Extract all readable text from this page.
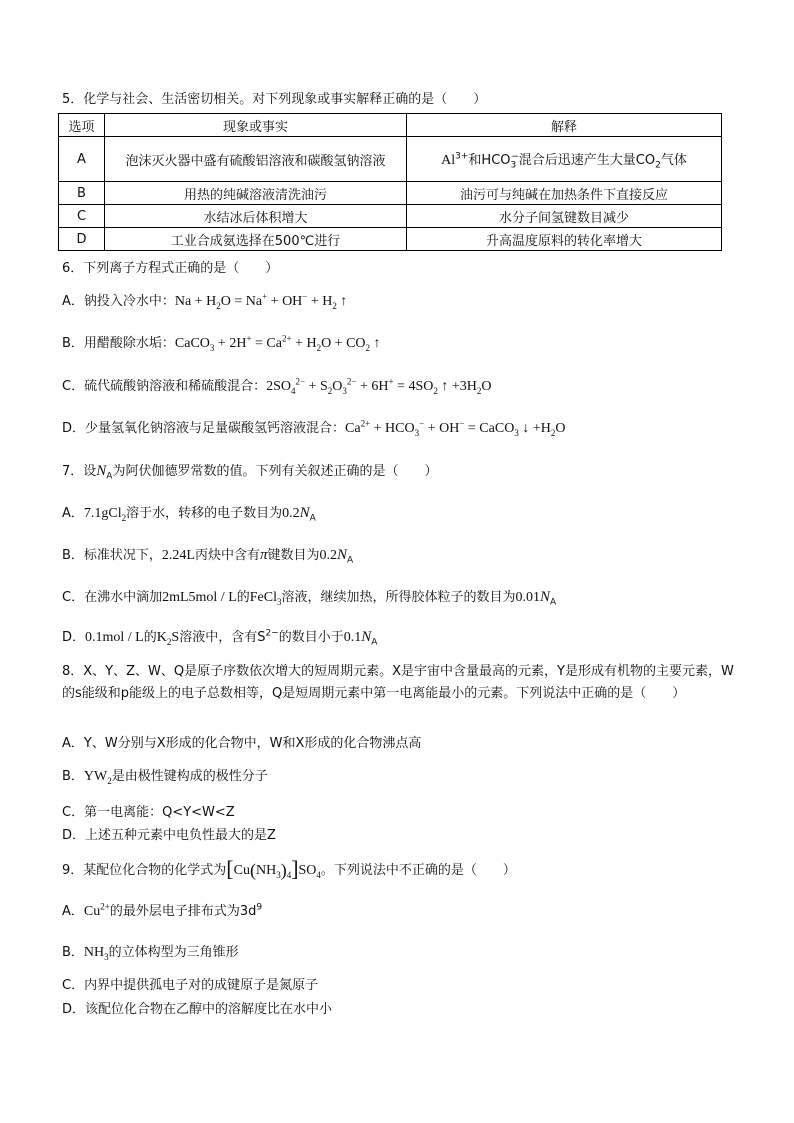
5．化学与社会、生活密切相关。对下列现象或事实解释正确的是（　　）
选项	现象或事实	解释
A	泡沫灭火器中盛有硫酸铝溶液和碳酸氢钠溶液	$Al^{3+}$和$HCO_3^-$混合后迅速产生大量$CO_2$气体
B	用热的纯碱溶液清洗油污	油污可与纯碱在加热条件下直接反应
C	水结冰后体积增大	水分子间氢键数目减少
D	工业合成氨选择在500℃进行	升高温度原料的转化率增大
6．下列离子方程式正确的是（　　）
A．钠投入冷水中：$Na + H_2O = Na^+ + OH^- + H_2$ ↑
B．用醋酸除水垢：CaCO$_3$ + $2H^+ = Ca^{2+} + H_2O + CO_2$ ↑
C．硫代硫酸钠溶液和稀硫酸混合：$2SO_4^{2-} + S_2O_3^{2-} + 6H^+ = 4SO_2$ ↑ $+3H_2O$
D．少量氢氧化钠溶液与足量碳酸氢钙溶液混合：$Ca^{2+} + HCO_3^- + OH^-$ = CaCO$_3$ ↓ $+H_2O$
7．设$N_A$为阿伏伽德罗常数的值。下列有关叙述正确的是（　　）
A．7.1gCl$_2$溶于水，转移的电子数目为$0.2N_A$
B．标准状况下，2.24L丙炔中含有π键数目为$0.2N_A$
C．在沸水中滴加2mL5mol / L的FeCl$_3$溶液，继续加热，所得胶体粒子的数目为$0.01N_A$
D．0.1mol / L的$K_2S$溶液中，含有$S^{2-}$的数目小于$0.1N_A$
8．X、Y、Z、W、Q是原子序数依次增大的短周期元素。X是宇宙中含量最高的元素，Y是形成有机物的主要元素，W的s能级和p能级上的电子总数相等，Q是短周期元素中第一电离能最小的元素。下列说法中正确的是（　　）
A．Y、W分别与X形成的化合物中，W和X形成的化合物沸点高
B．$YW_2$是由极性键构成的极性分子
C．第一电离能：Q<Y<W<Z
D．上述五种元素中电负性最大的是Z
9．某配位化合物的化学式为$[Cu(NH_3)_4]SO_4$。下列说法中不正确的是（　　）
A．$Cu^{2+}$的最外层电子排布式为$3d^9$
B．$NH_3$的立体构型为三角锥形
C．内界中提供孤电子对的成键原子是氮原子
D．该配位化合物在乙醇中的溶解度比在水中小
